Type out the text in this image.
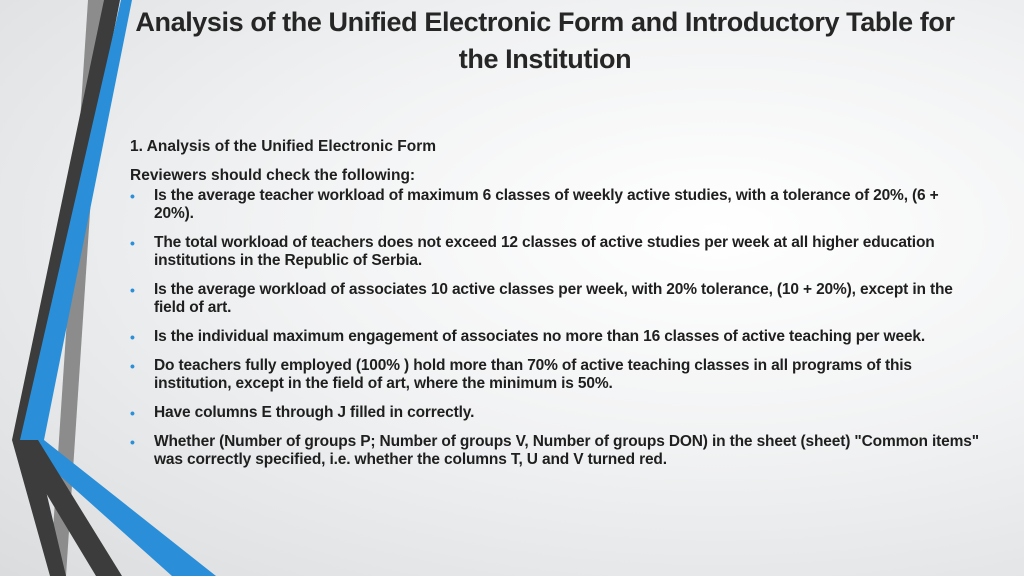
Analysis of the Unified Electronic Form and Introductory Table for the Institution
1. Analysis of the Unified Electronic Form
Reviewers should check the following:
• Is the average teacher workload of maximum 6 classes of weekly active studies, with a tolerance of 20%, (6 + 20%).
• The total workload of teachers does not exceed 12 classes of active studies per week at all higher education institutions in the Republic of Serbia.
• Is the average workload of associates 10 active classes per week, with 20% tolerance, (10 + 20%), except in the field of art.
• Is the individual maximum engagement of associates no more than 16 classes of active teaching per week.
• Do teachers fully employed (100% ) hold more than 70% of active teaching classes in all programs of this institution, except in the field of art, where the minimum is 50%.
• Have columns E through J filled in correctly.
• Whether (Number of groups P; Number of groups V, Number of groups DON) in the sheet (sheet) "Common items" was correctly specified, i.e. whether the columns T, U and V turned red.
